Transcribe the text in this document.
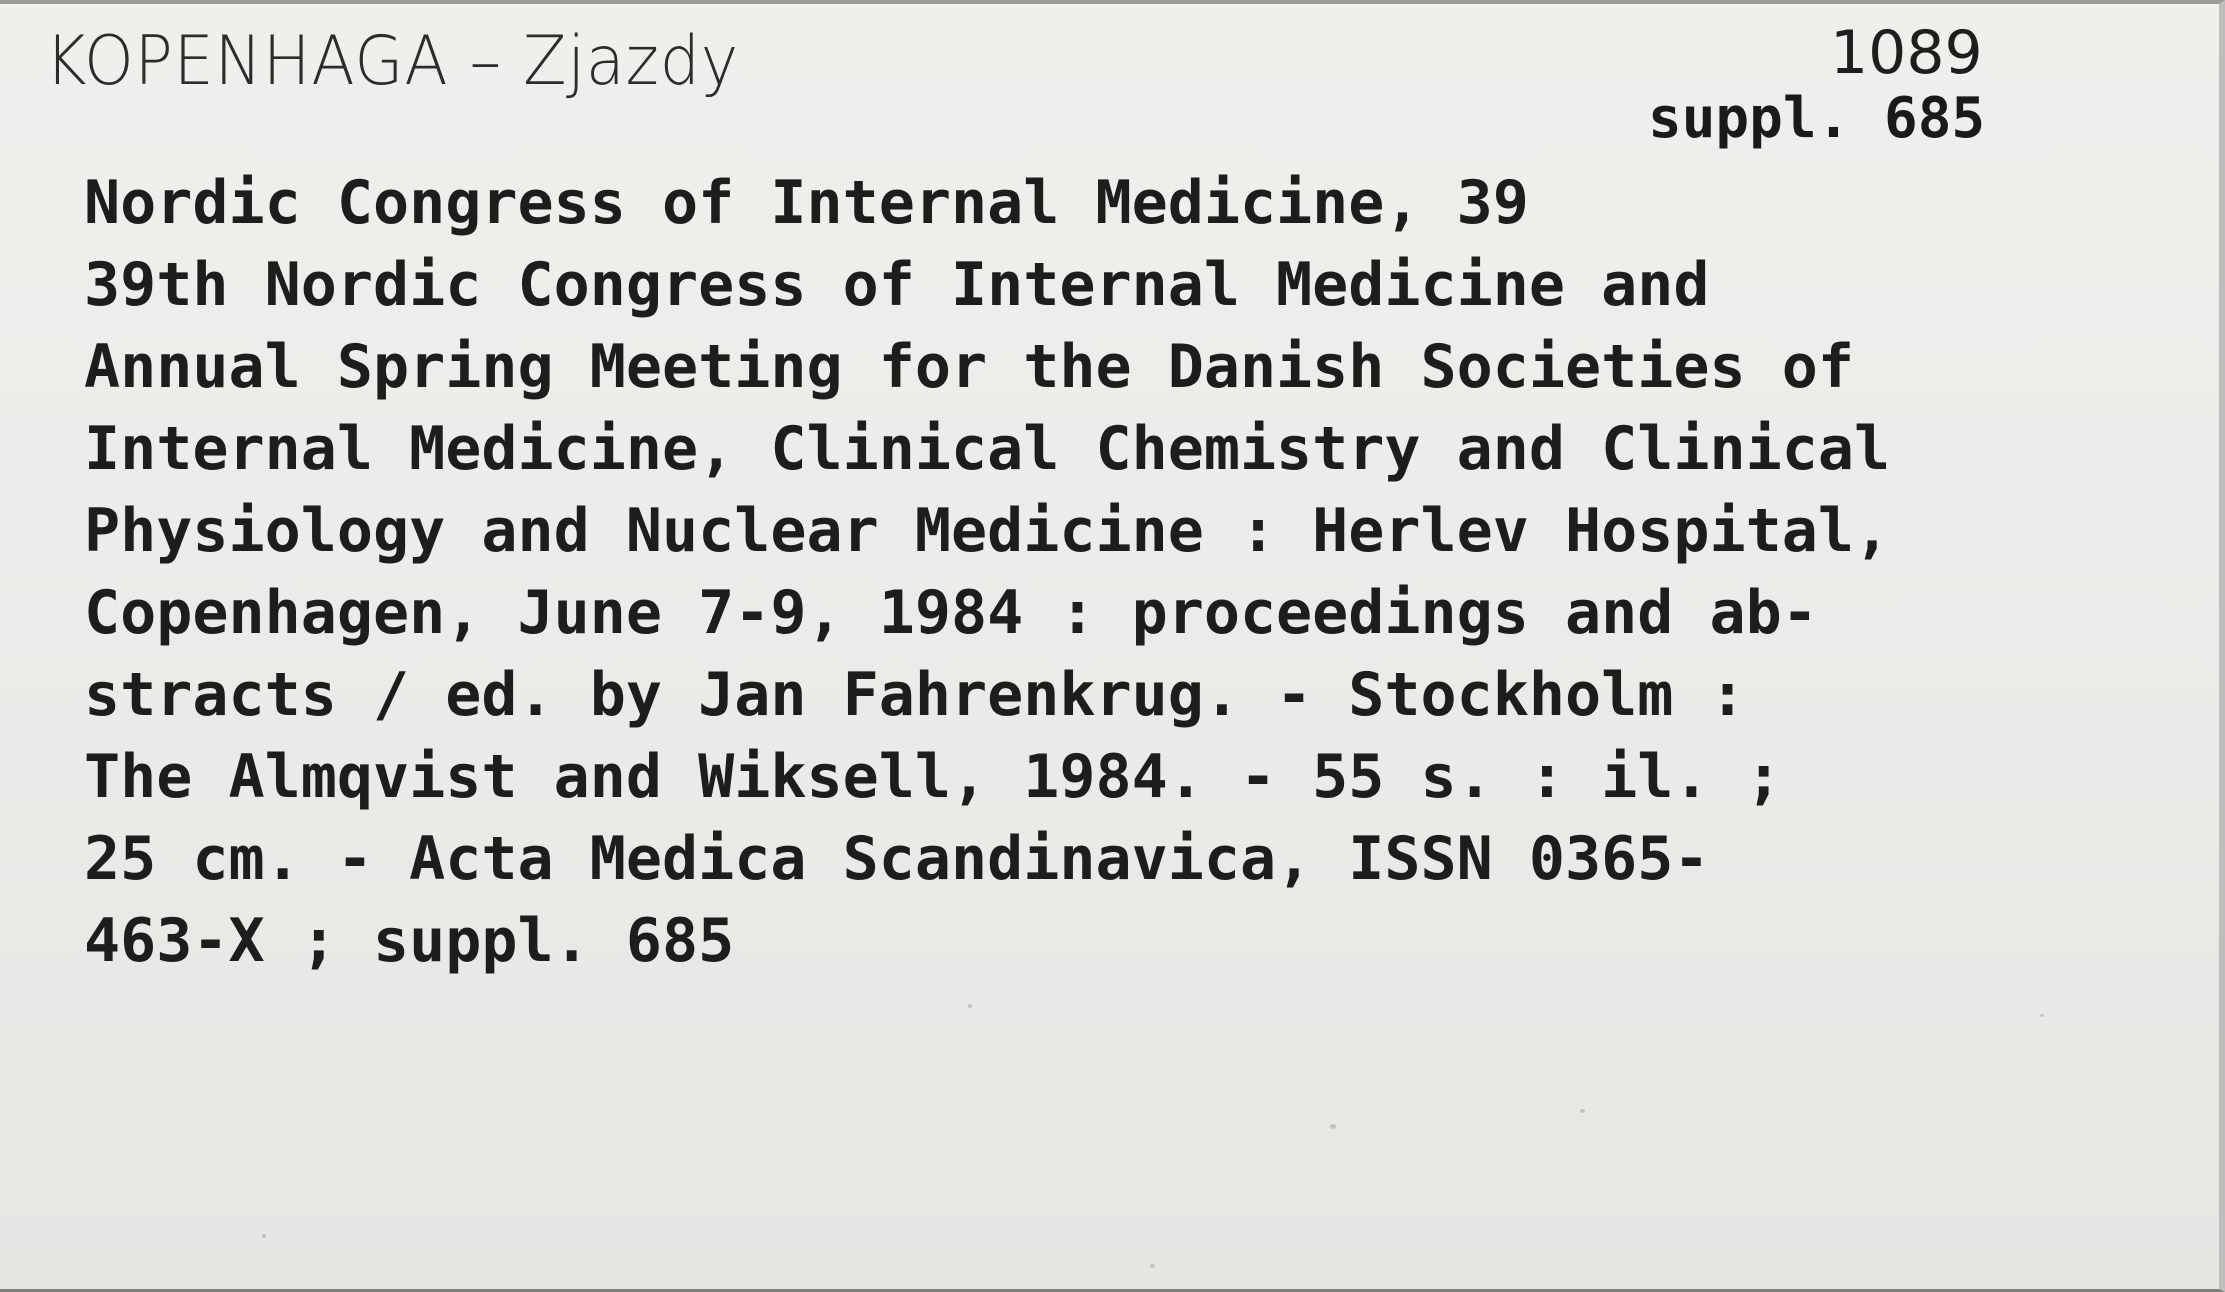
KOPENHAGA – Zjazdy	1089
suppl. 685
Nordic Congress of Internal Medicine, 39
39th Nordic Congress of Internal Medicine and
Annual Spring Meeting for the Danish Societies of
Internal Medicine, Clinical Chemistry and Clinical
Physiology and Nuclear Medicine : Herlev Hospital,
Copenhagen, June 7-9, 1984 : proceedings and ab-
stracts / ed. by Jan Fahrenkrug. - Stockholm :
The Almqvist and Wiksell, 1984. - 55 s. : il. ;
25 cm. - Acta Medica Scandinavica, ISSN 0365-
463-X ; suppl. 685
